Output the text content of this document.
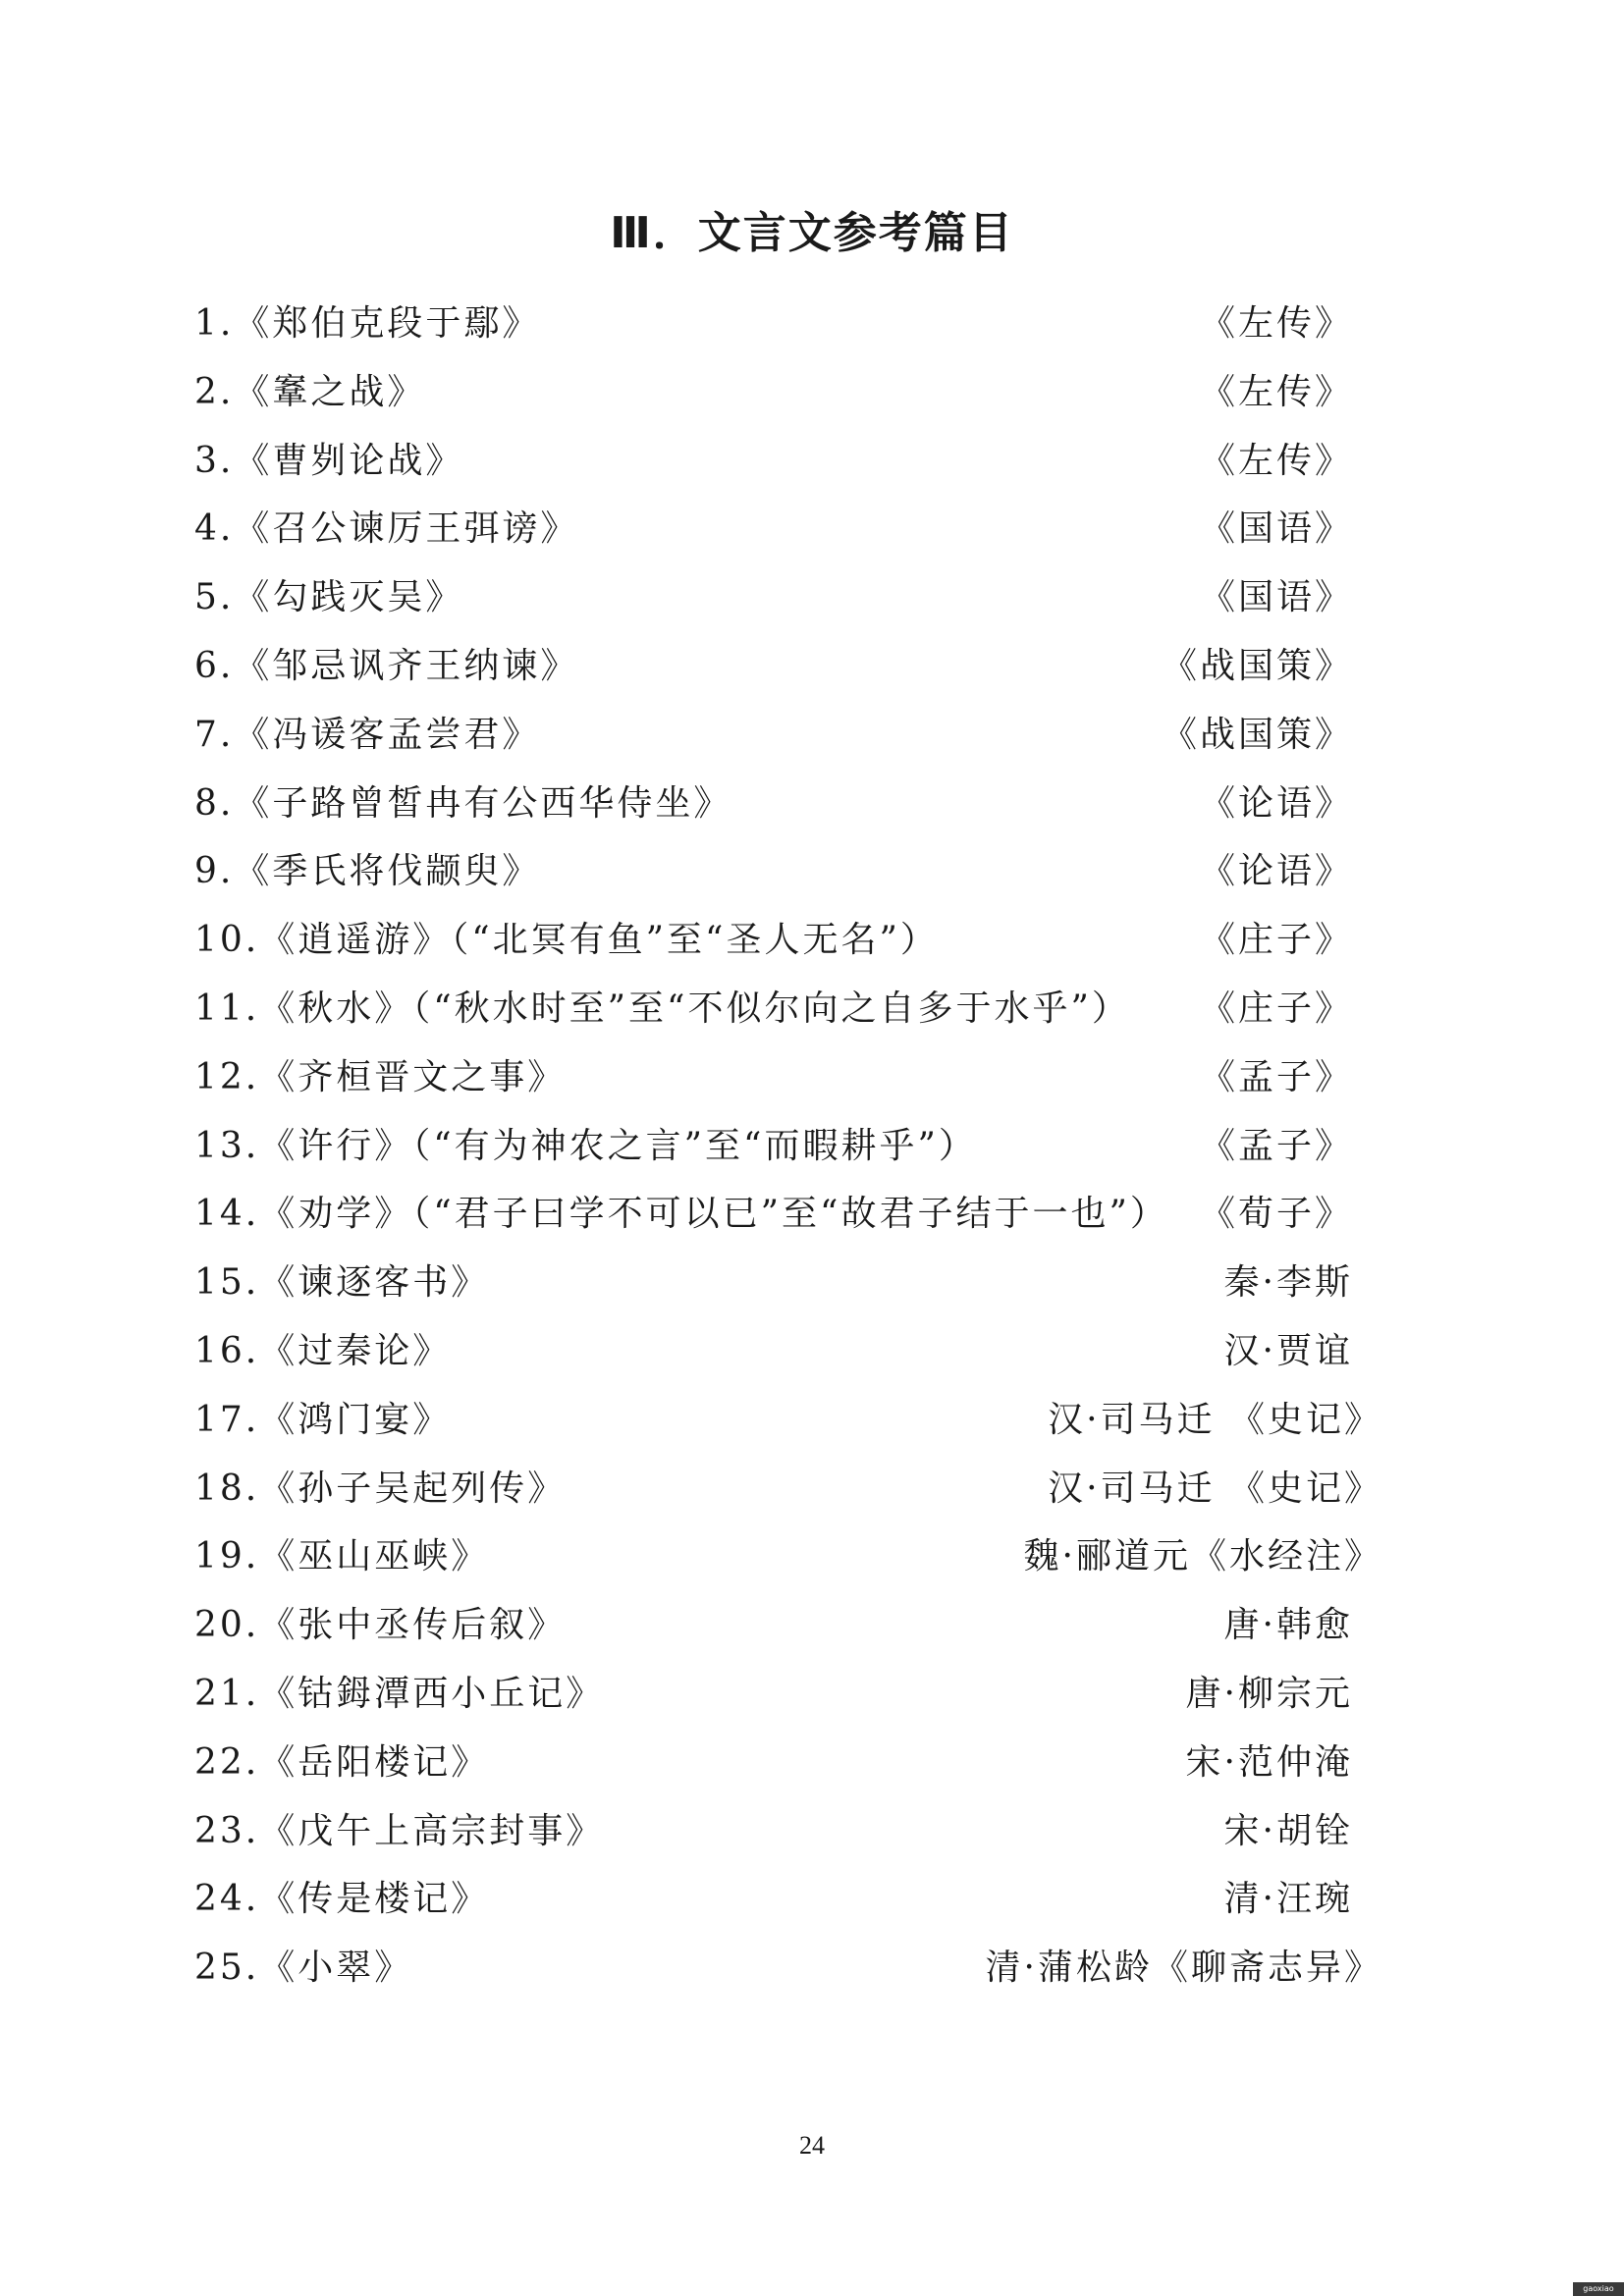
Ⅲ．文言文参考篇目
1.《郑伯克段于鄢》	《左传》
2.《鞌之战》	《左传》
3.《曹刿论战》	《左传》
4.《召公谏厉王弭谤》	《国语》
5.《勾践灭吴》	《国语》
6.《邹忌讽齐王纳谏》	《战国策》
7.《冯谖客孟尝君》	《战国策》
8.《子路曾皙冉有公西华侍坐》	《论语》
9.《季氏将伐颛臾》	《论语》
10.《逍遥游》（“北冥有鱼”至“圣人无名”）	《庄子》
11.《秋水》（“秋水时至”至“不似尔向之自多于水乎”） 《庄子》
12.《齐桓晋文之事》	《孟子》
13.《许行》（“有为神农之言”至“而暇耕乎”）	《孟子》
14.《劝学》（“君子曰学不可以已”至“故君子结于一也”） 《荀子》
15.《谏逐客书》	秦·李斯
16.《过秦论》	汉·贾谊
17.《鸿门宴》	汉·司马迁 《史记》
18.《孙子吴起列传》	汉·司马迁 《史记》
19.《巫山巫峡》	魏·郦道元《水经注》
20.《张中丞传后叙》	唐·韩愈
21.《钴鉧潭西小丘记》	唐·柳宗元
22.《岳阳楼记》	宋·范仲淹
23.《戊午上高宗封事》	宋·胡铨
24.《传是楼记》	清·汪琬
25.《小翠》	清·蒲松龄《聊斋志异》
24
gaoxiao
